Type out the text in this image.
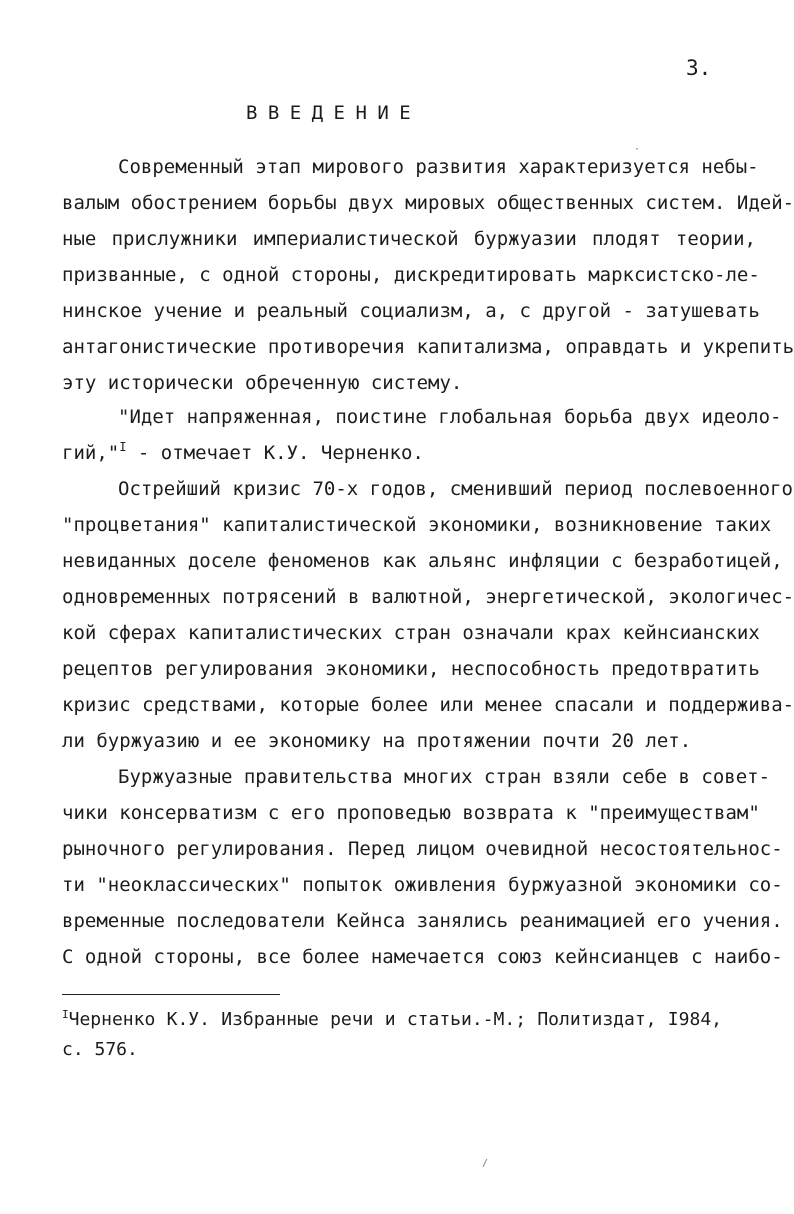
3.
ВВЕДЕНИЕ
Современный этап мирового развития характеризуется небы-
валым обострением борьбы двух мировых общественных систем. Идей-
ные прислужники империалистической буржуазии плодят теории,
призванные, с одной стороны, дискредитировать марксистско-ле-
нинское учение и реальный социализм, а, с другой - затушевать
антагонистические противоречия капитализма, оправдать и укрепить
эту исторически обреченную систему.
"Идет напряженная, поистине глобальная борьба двух идеоло-
гий,"$^I$ - отмечает К.У. Черненко.
Острейший кризис 70-х годов, сменивший период послевоенного
"процветания" капиталистической экономики, возникновение таких
невиданных доселе феноменов как альянс инфляции с безработицей,
одновременных потрясений в валютной, энергетической, экологичес-
кой сферах капиталистических стран означали крах кейнсианских
рецептов регулирования экономики, неспособность предотвратить
кризис средствами, которые более или менее спасали и поддержива-
ли буржуазию и ее экономику на протяжении почти 20 лет.
Буржуазные правительства многих стран взяли себе в совет-
чики консерватизм с его проповедью возврата к "преимуществам"
рыночного регулирования. Перед лицом очевидной несостоятельнос-
ти "неоклассических" попыток оживления буржуазной экономики со-
временные последователи Кейнса занялись реанимацией его учения.
С одной стороны, все более намечается союз кейнсианцев с наибо-
$^I$Черненко К.У. Избранные речи и статьи.-М.; Политиздат, I984,
с. 576.
·
/
